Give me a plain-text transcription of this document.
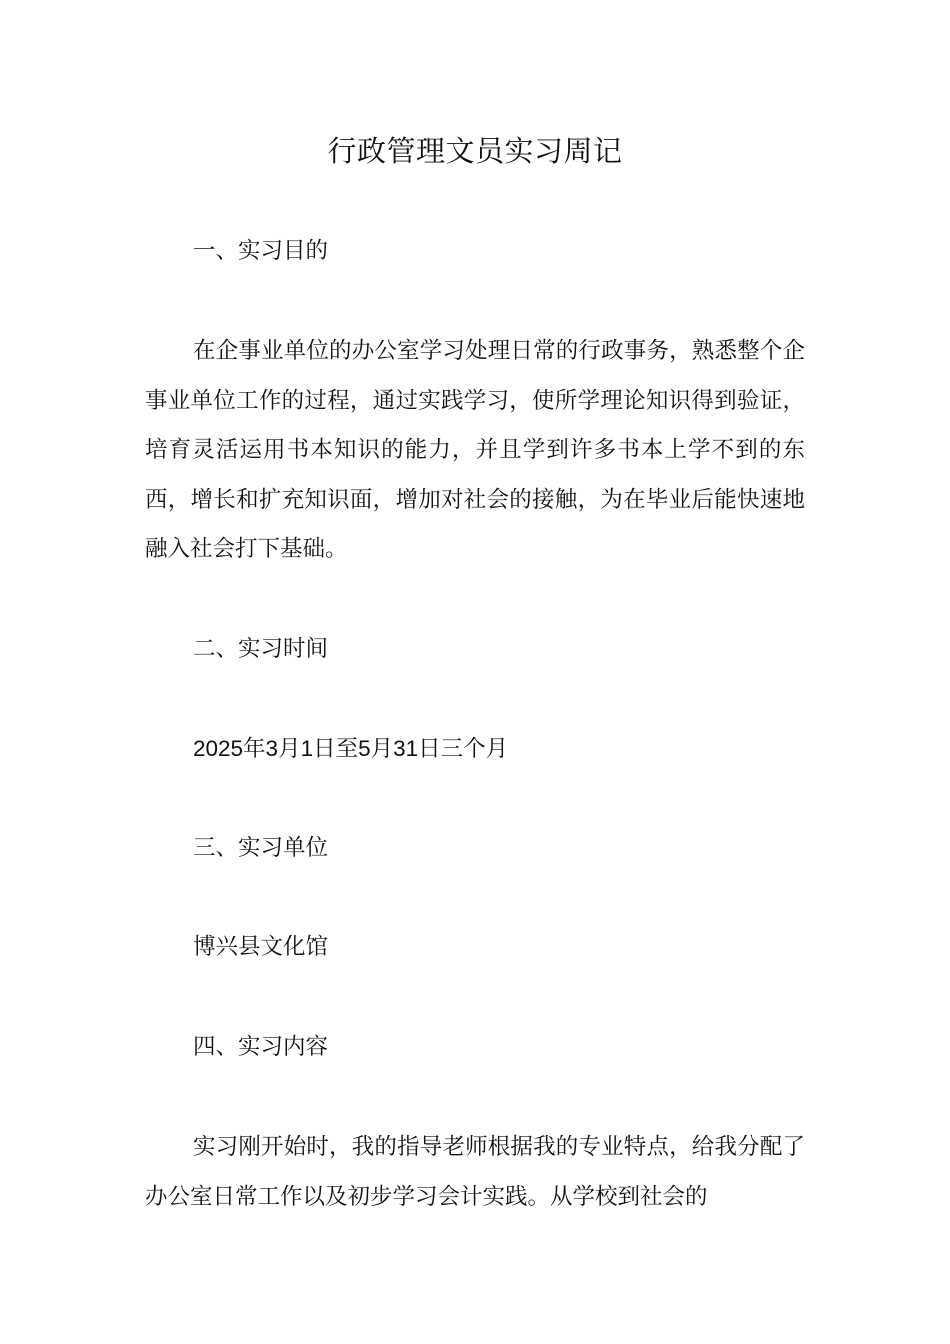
行政管理文员实习周记
一、实习目的
在企事业单位的办公室学习处理日常的行政事务，熟悉整个企事业单位工作的过程，通过实践学习，使所学理论知识得到验证，培育灵活运用书本知识的能力，并且学到许多书本上学不到的东西，增长和扩充知识面，增加对社会的接触，为在毕业后能快速地融入社会打下基础。
二、实习时间
2025年3月1日至5月31日三个月
三、实习单位
博兴县文化馆
四、实习内容
实习刚开始时，我的指导老师根据我的专业特点，给我分配了办公室日常工作以及初步学习会计实践。从学校到社会的
